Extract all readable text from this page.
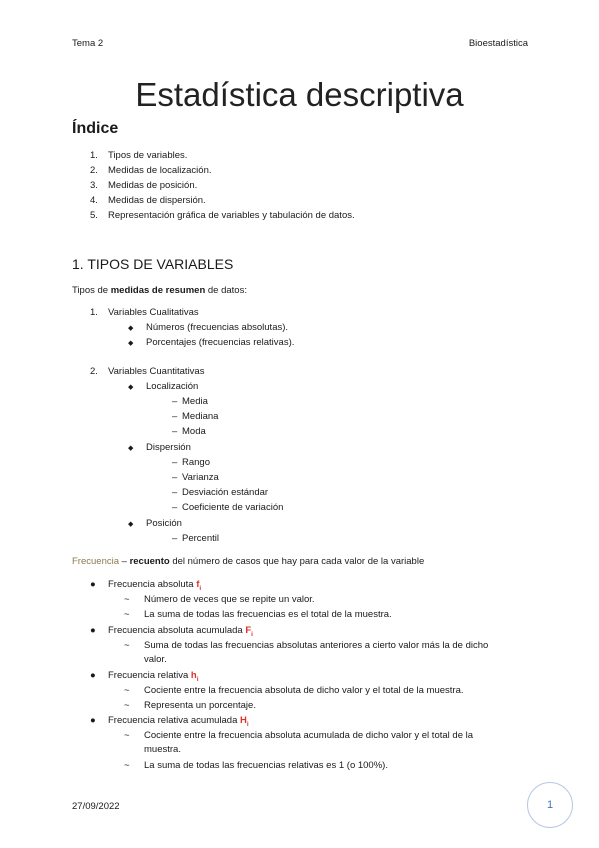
Tema 2	Bioestadística
Estadística descriptiva
Índice
1. Tipos de variables.
2. Medidas de localización.
3. Medidas de posición.
4. Medidas de dispersión.
5. Representación gráfica de variables y tabulación de datos.
1. TIPOS DE VARIABLES
Tipos de medidas de resumen de datos:
1. Variables Cualitativas
◆ Números (frecuencias absolutas).
◆ Porcentajes (frecuencias relativas).
2. Variables Cuantitativas
◆ Localización
– Media
– Mediana
– Moda
◆ Dispersión
– Rango
– Varianza
– Desviación estándar
– Coeficiente de variación
◆ Posición
– Percentil
Frecuencia – recuento del número de casos que hay para cada valor de la variable
● Frecuencia absoluta $f_i$
~ Número de veces que se repite un valor.
~ La suma de todas las frecuencias es el total de la muestra.
● Frecuencia absoluta acumulada $F_i$
~ Suma de todas las frecuencias absolutas anteriores a cierto valor más la de dicho
valor.
● Frecuencia relativa $h_i$
~ Cociente entre la frecuencia absoluta de dicho valor y el total de la muestra.
~ Representa un porcentaje.
● Frecuencia relativa acumulada $H_i$
~ Cociente entre la frecuencia absoluta acumulada de dicho valor y el total de la
muestra.
~ La suma de todas las frecuencias relativas es 1 (o 100%).
27/09/2022	1
